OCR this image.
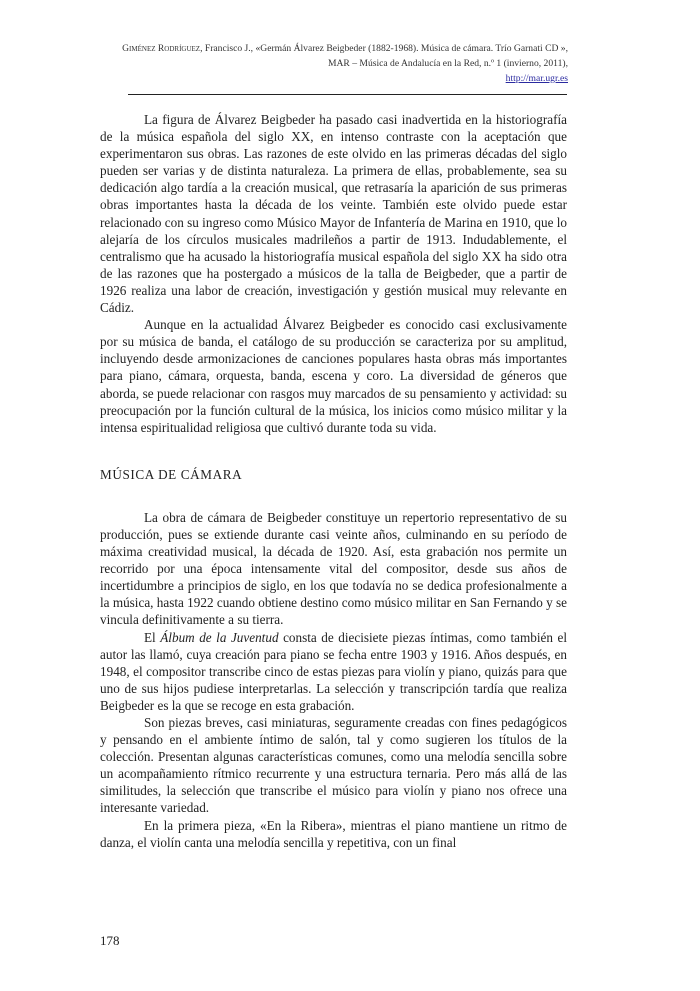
Giménez Rodríguez, Francisco J., «Germán Álvarez Beigbeder (1882-1968). Música de cámara. Trío Garnati CD », MAR – Música de Andalucía en la Red, n.º 1 (invierno, 2011),
http://mar.ugr.es

La figura de Álvarez Beigbeder ha pasado casi inadvertida en la historiografía de la música española del siglo XX, en intenso contraste con la aceptación que experimentaron sus obras. Las razones de este olvido en las primeras décadas del siglo pueden ser varias y de distinta naturaleza. La primera de ellas, probablemente, sea su dedicación algo tardía a la creación musical, que retrasaría la aparición de sus primeras obras importantes hasta la década de los veinte. También este olvido puede estar relacionado con su ingreso como Músico Mayor de Infantería de Marina en 1910, que lo alejaría de los círculos musicales madrileños a partir de 1913. Indudablemente, el centralismo que ha acusado la historiografía musical española del siglo XX ha sido otra de las razones que ha postergado a músicos de la talla de Beigbeder, que a partir de 1926 realiza una labor de creación, investigación y gestión musical muy relevante en Cádiz.

Aunque en la actualidad Álvarez Beigbeder es conocido casi exclusivamente por su música de banda, el catálogo de su producción se caracteriza por su amplitud, incluyendo desde armonizaciones de canciones populares hasta obras más importantes para piano, cámara, orquesta, banda, escena y coro. La diversidad de géneros que aborda, se puede relacionar con rasgos muy marcados de su pensamiento y actividad: su preocupación por la función cultural de la música, los inicios como músico militar y la intensa espiritualidad religiosa que cultivó durante toda su vida.

MÚSICA DE CÁMARA

La obra de cámara de Beigbeder constituye un repertorio representativo de su producción, pues se extiende durante casi veinte años, culminando en su período de máxima creatividad musical, la década de 1920. Así, esta grabación nos permite un recorrido por una época intensamente vital del compositor, desde sus años de incertidumbre a principios de siglo, en los que todavía no se dedica profesionalmente a la música, hasta 1922 cuando obtiene destino como músico militar en San Fernando y se vincula definitivamente a su tierra.

El Álbum de la Juventud consta de diecisiete piezas íntimas, como también el autor las llamó, cuya creación para piano se fecha entre 1903 y 1916. Años después, en 1948, el compositor transcribe cinco de estas piezas para violín y piano, quizás para que uno de sus hijos pudiese interpretarlas. La selección y transcripción tardía que realiza Beigbeder es la que se recoge en esta grabación.

Son piezas breves, casi miniaturas, seguramente creadas con fines pedagógicos y pensando en el ambiente íntimo de salón, tal y como sugieren los títulos de la colección. Presentan algunas características comunes, como una melodía sencilla sobre un acompañamiento rítmico recurrente y una estructura ternaria. Pero más allá de las similitudes, la selección que transcribe el músico para violín y piano nos ofrece una interesante variedad.

En la primera pieza, «En la Ribera», mientras el piano mantiene un ritmo de danza, el violín canta una melodía sencilla y repetitiva, con un final

178
